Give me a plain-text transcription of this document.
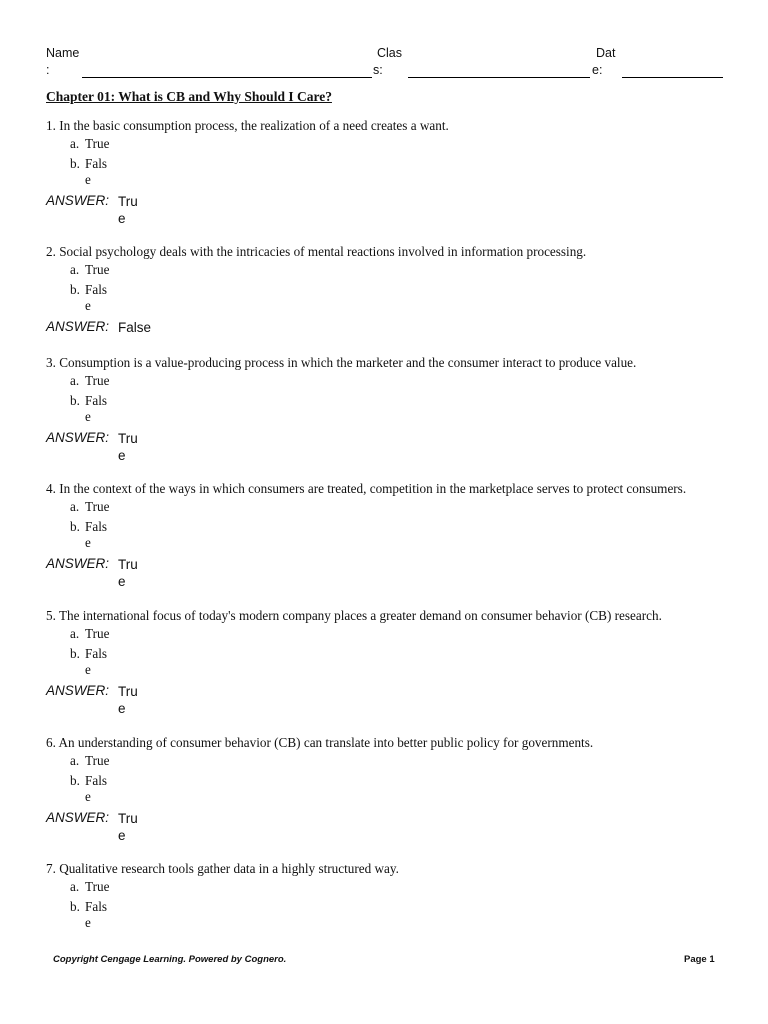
Name
:
Clas
s:
Dat
e:
Chapter 01: What is CB and Why Should I Care?
1. In the basic consumption process, the realization of a need creates a want.
a. True
b. False
ANSWER: True
2. Social psychology deals with the intricacies of mental reactions involved in information processing.
a. True
b. False
ANSWER: False
3. Consumption is a value-producing process in which the marketer and the consumer interact to produce value.
a. True
b. False
ANSWER: True
4. In the context of the ways in which consumers are treated, competition in the marketplace serves to protect consumers.
a. True
b. False
ANSWER: True
5. The international focus of today's modern company places a greater demand on consumer behavior (CB) research.
a. True
b. False
ANSWER: True
6. An understanding of consumer behavior (CB) can translate into better public policy for governments.
a. True
b. False
ANSWER: True
7. Qualitative research tools gather data in a highly structured way.
a. True
b. False
Copyright Cengage Learning. Powered by Cognero.	Page 1
